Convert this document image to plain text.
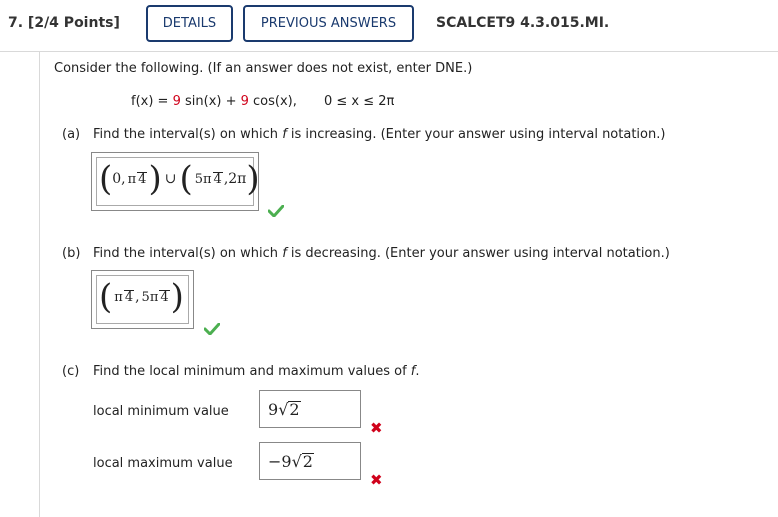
7. [2/4 Points]	DETAILS	PREVIOUS ANSWERS	SCALCET9 4.3.015.MI.
Consider the following. (If an answer does not exist, enter DNE.)
f(x) = 9 sin(x) + 9 cos(x), 0 ≤ x ≤ 2π
(a) Find the interval(s) on which f is increasing. (Enter your answer using interval notation.)
( 0, π 4 ) ∪ ( 5π 4 ,2π )
(b) Find the interval(s) on which f is decreasing. (Enter your answer using interval notation.)
( π 4 , 5π 4 )
(c) Find the local minimum and maximum values of f.
local minimum value 9 √2
✖
local maximum value −9 √2
✖
